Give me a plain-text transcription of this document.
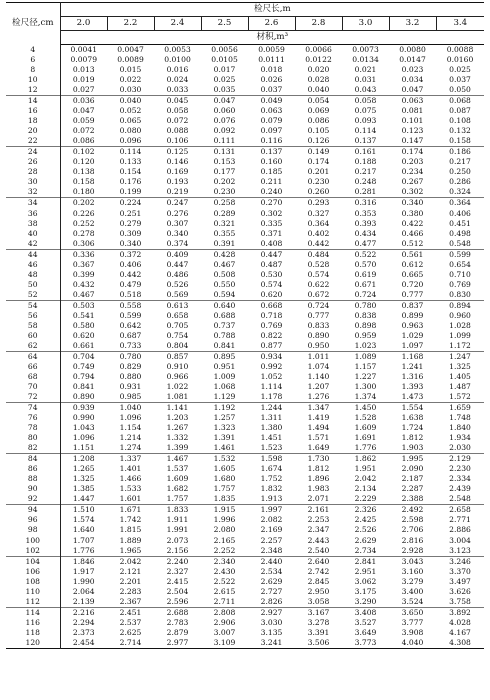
检尺径,cm	检尺长,m								
	2.0	2.2	2.4	2.5	2.6	2.8	3.0	3.2	3.4
	材积,m³								
4	0.0041	0.0047	0.0053	0.0056	0.0059	0.0066	0.0073	0.0080	0.0088
6	0.0079	0.0089	0.0100	0.0105	0.0111	0.0122	0.0134	0.0147	0.0160
8	0.013	0.015	0.016	0.017	0.018	0.020	0.021	0.023	0.025
10	0.019	0.022	0.024	0.025	0.026	0.028	0.031	0.034	0.037
12	0.027	0.030	0.033	0.035	0.037	0.040	0.043	0.047	0.050
14	0.036	0.040	0.045	0.047	0.049	0.054	0.058	0.063	0.068
16	0.047	0.052	0.058	0.060	0.063	0.069	0.075	0.081	0.087
18	0.059	0.065	0.072	0.076	0.079	0.086	0.093	0.101	0.108
20	0.072	0.080	0.088	0.092	0.097	0.105	0.114	0.123	0.132
22	0.086	0.096	0.106	0.111	0.116	0.126	0.137	0.147	0.158
24	0.102	0.114	0.125	0.131	0.137	0.149	0.161	0.174	0.186
26	0.120	0.133	0.146	0.153	0.160	0.174	0.188	0.203	0.217
28	0.138	0.154	0.169	0.177	0.185	0.201	0.217	0.234	0.250
30	0.158	0.176	0.193	0.202	0.211	0.230	0.248	0.267	0.286
32	0.180	0.199	0.219	0.230	0.240	0.260	0.281	0.302	0.324
34	0.202	0.224	0.247	0.258	0.270	0.293	0.316	0.340	0.364
36	0.226	0.251	0.276	0.289	0.302	0.327	0.353	0.380	0.406
38	0.252	0.279	0.307	0.321	0.335	0.364	0.393	0.422	0.451
40	0.278	0.309	0.340	0.355	0.371	0.402	0.434	0.466	0.498
42	0.306	0.340	0.374	0.391	0.408	0.442	0.477	0.512	0.548
44	0.336	0.372	0.409	0.428	0.447	0.484	0.522	0.561	0.599
46	0.367	0.406	0.447	0.467	0.487	0.528	0.570	0.612	0.654
48	0.399	0.442	0.486	0.508	0.530	0.574	0.619	0.665	0.710
50	0.432	0.479	0.526	0.550	0.574	0.622	0.671	0.720	0.769
52	0.467	0.518	0.569	0.594	0.620	0.672	0.724	0.777	0.830
54	0.503	0.558	0.613	0.640	0.668	0.724	0.780	0.837	0.894
56	0.541	0.599	0.658	0.688	0.718	0.777	0.838	0.899	0.960
58	0.580	0.642	0.705	0.737	0.769	0.833	0.898	0.963	1.028
60	0.620	0.687	0.754	0.788	0.822	0.890	0.959	1.029	1.099
62	0.661	0.733	0.804	0.841	0.877	0.950	1.023	1.097	1.172
64	0.704	0.780	0.857	0.895	0.934	1.011	1.089	1.168	1.247
66	0.749	0.829	0.910	0.951	0.992	1.074	1.157	1.241	1.325
68	0.794	0.880	0.966	1.009	1.052	1.140	1.227	1.316	1.405
70	0.841	0.931	1.022	1.068	1.114	1.207	1.300	1.393	1.487
72	0.890	0.985	1.081	1.129	1.178	1.276	1.374	1.473	1.572
74	0.939	1.040	1.141	1.192	1.244	1.347	1.450	1.554	1.659
76	0.990	1.096	1.203	1.257	1.311	1.419	1.528	1.638	1.748
78	1.043	1.154	1.267	1.323	1.380	1.494	1.609	1.724	1.840
80	1.096	1.214	1.332	1.391	1.451	1.571	1.691	1.812	1.934
82	1.151	1.274	1.399	1.461	1.523	1.649	1.776	1.903	2.030
84	1.208	1.337	1.467	1.532	1.598	1.730	1.862	1.995	2.129
86	1.265	1.401	1.537	1.605	1.674	1.812	1.951	2.090	2.230
88	1.325	1.466	1.609	1.680	1.752	1.896	2.042	2.187	2.334
90	1.385	1.533	1.682	1.757	1.832	1.983	2.134	2.287	2.439
92	1.447	1.601	1.757	1.835	1.913	2.071	2.229	2.388	2.548
94	1.510	1.671	1.833	1.915	1.997	2.161	2.326	2.492	2.658
96	1.574	1.742	1.911	1.996	2.082	2.253	2.425	2.598	2.771
98	1.640	1.815	1.991	2.080	2.169	2.347	2.526	2.706	2.886
100	1.707	1.889	2.073	2.165	2.257	2.443	2.629	2.816	3.004
102	1.776	1.965	2.156	2.252	2.348	2.540	2.734	2.928	3.123
104	1.846	2.042	2.240	2.340	2.440	2.640	2.841	3.043	3.246
106	1.917	2.121	2.327	2.430	2.534	2.742	2.951	3.160	3.370
108	1.990	2.201	2.415	2.522	2.629	2.845	3.062	3.279	3.497
110	2.064	2.283	2.504	2.615	2.727	2.950	3.175	3.400	3.626
112	2.139	2.367	2.596	2.711	2.826	3.058	3.290	3.524	3.758
114	2.216	2.451	2.688	2.808	2.927	3.167	3.408	3.650	3.892
116	2.294	2.537	2.783	2.906	3.030	3.278	3.527	3.777	4.028
118	2.373	2.625	2.879	3.007	3.135	3.391	3.649	3.908	4.167
120	2.454	2.714	2.977	3.109	3.241	3.506	3.773	4.040	4.308
